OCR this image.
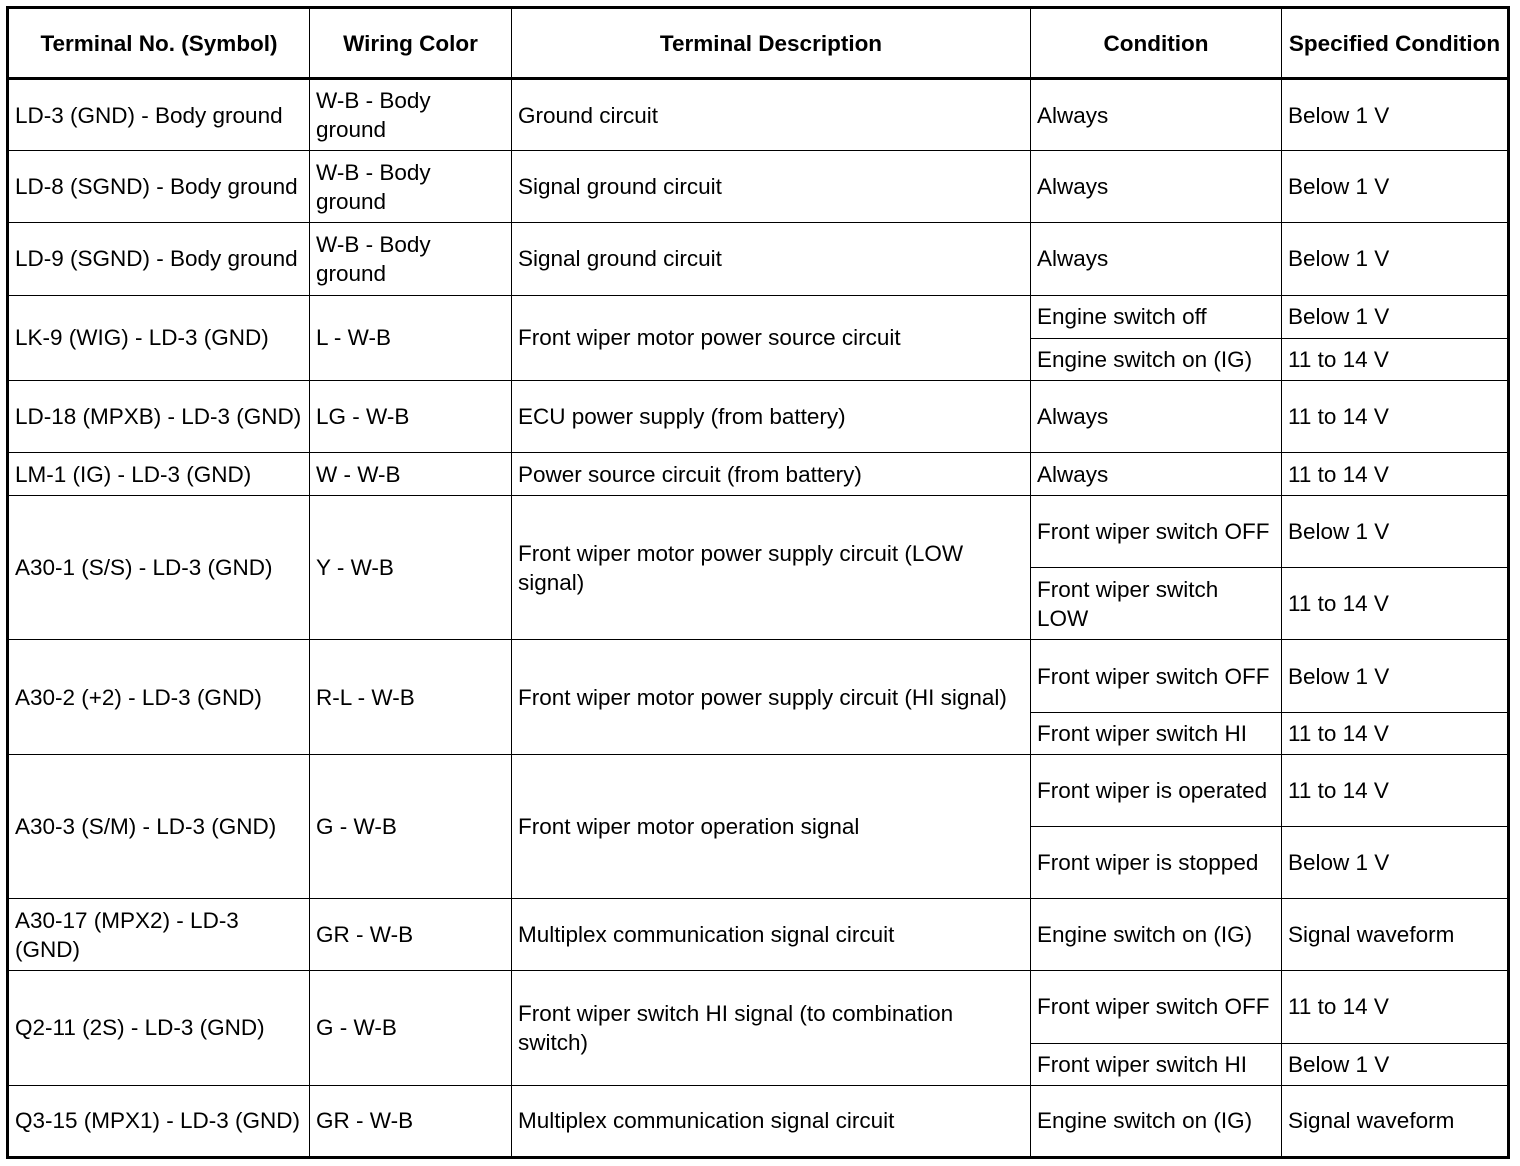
Terminal No. (Symbol)	Wiring Color	Terminal Description	Condition	Specified Condition
LD-3 (GND) - Body ground	W-B - Body ground	Ground circuit	Always	Below 1 V
LD-8 (SGND) - Body ground	W-B - Body ground	Signal ground circuit	Always	Below 1 V
LD-9 (SGND) - Body ground	W-B - Body ground	Signal ground circuit	Always	Below 1 V
LK-9 (WIG) - LD-3 (GND)	L - W-B	Front wiper motor power source circuit	Engine switch off	Below 1 V
			Engine switch on (IG)	11 to 14 V
LD-18 (MPXB) - LD-3 (GND)	LG - W-B	ECU power supply (from battery)	Always	11 to 14 V
LM-1 (IG) - LD-3 (GND)	W - W-B	Power source circuit (from battery)	Always	11 to 14 V
A30-1 (S/S) - LD-3 (GND)	Y - W-B	Front wiper motor power supply circuit (LOW signal)	Front wiper switch OFF	Below 1 V
			Front wiper switch LOW	11 to 14 V
A30-2 (+2) - LD-3 (GND)	R-L - W-B	Front wiper motor power supply circuit (HI signal)	Front wiper switch OFF	Below 1 V
			Front wiper switch HI	11 to 14 V
A30-3 (S/M) - LD-3 (GND)	G - W-B	Front wiper motor operation signal	Front wiper is operated	11 to 14 V
			Front wiper is stopped	Below 1 V
A30-17 (MPX2) - LD-3 (GND)	GR - W-B	Multiplex communication signal circuit	Engine switch on (IG)	Signal waveform
Q2-11 (2S) - LD-3 (GND)	G - W-B	Front wiper switch HI signal (to combination switch)	Front wiper switch OFF	11 to 14 V
			Front wiper switch HI	Below 1 V
Q3-15 (MPX1) - LD-3 (GND)	GR - W-B	Multiplex communication signal circuit	Engine switch on (IG)	Signal waveform
